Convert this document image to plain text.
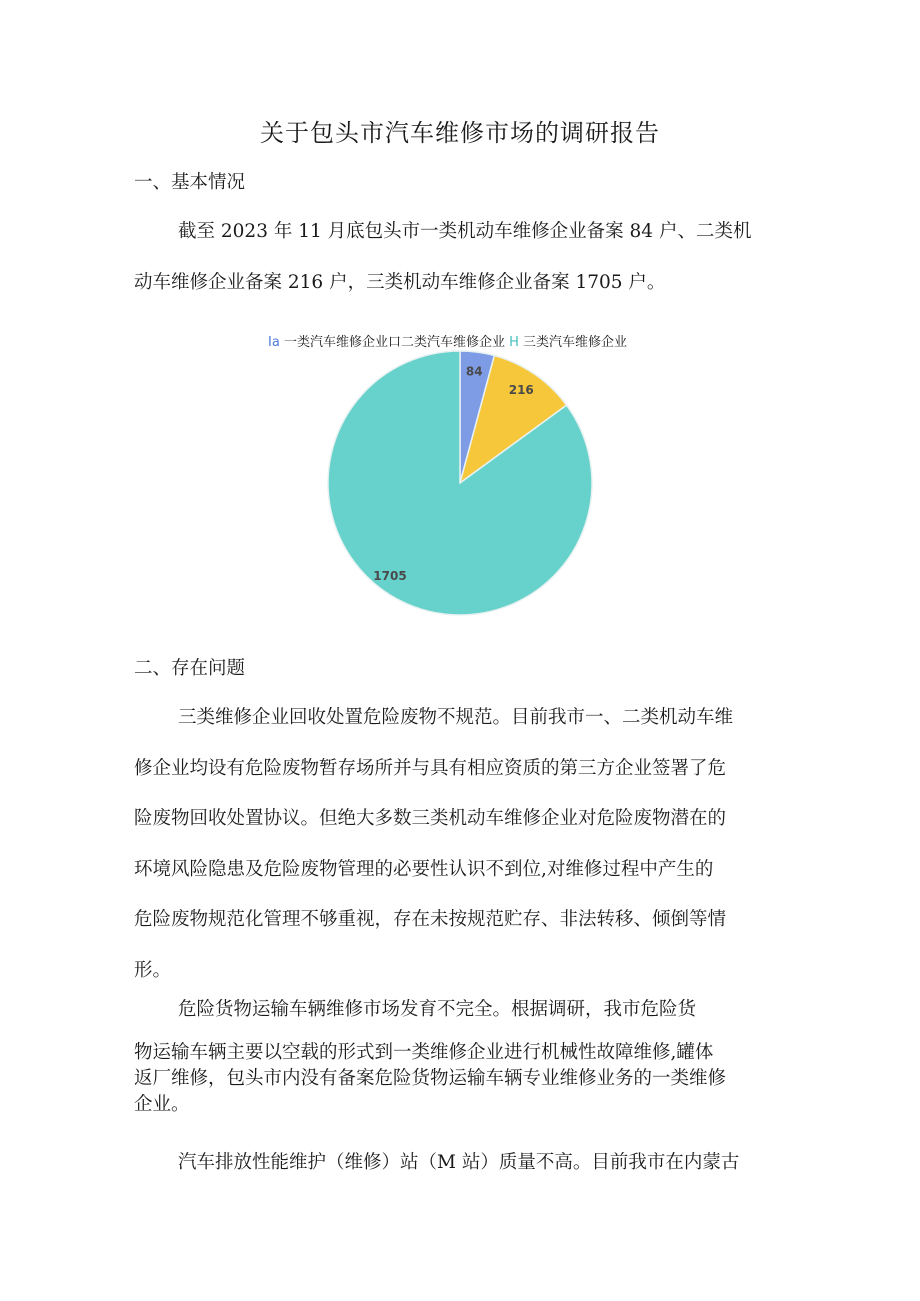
关于包头市汽车维修市场的调研报告
一、基本情况
截至 2023 年 11 月底包头市一类机动车维修企业备案 84 户、二类机
动车维修企业备案 216 户，三类机动车维修企业备案 1705 户。
Ia 一类汽车维修企业口二类汽车维修企业 H 三类汽车维修企业
84
216
1705
二、存在问题
三类维修企业回收处置危险废物不规范。目前我市一、二类机动车维
修企业均设有危险废物暂存场所并与具有相应资质的第三方企业签署了危
险废物回收处置协议。但绝大多数三类机动车维修企业对危险废物潜在的
环境风险隐患及危险废物管理的必要性认识不到位,对维修过程中产生的
危险废物规范化管理不够重视，存在未按规范贮存、非法转移、倾倒等情
形。
危险货物运输车辆维修市场发育不完全。根据调研，我市危险货
物运输车辆主要以空载的形式到一类维修企业进行机械性故障维修,罐体
返厂维修，包头市内没有备案危险货物运输车辆专业维修业务的一类维修
企业。
汽车排放性能维护（维修）站（M 站）质量不高。目前我市在内蒙古
